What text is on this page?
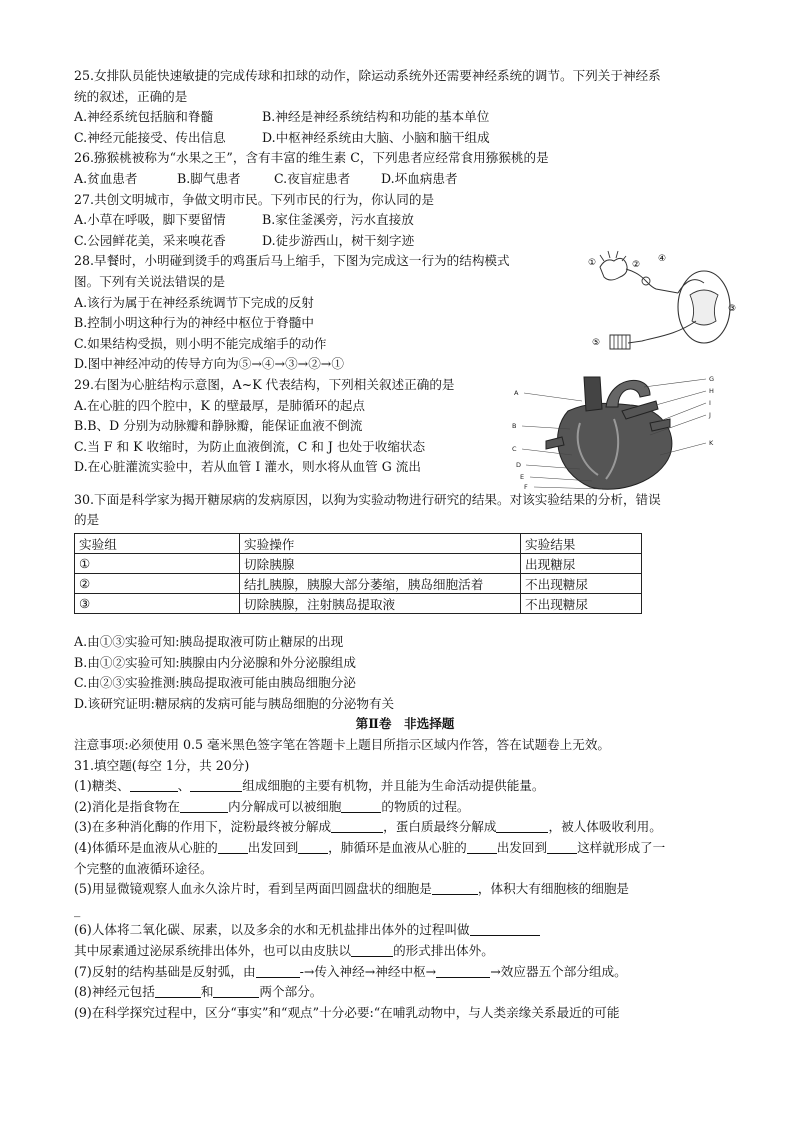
25.女排队员能快速敏捷的完成传球和扣球的动作，除运动系统外还需要神经系统的调节。下列关于神经系
统的叙述，正确的是
A.神经系统包括脑和脊髓	B.神经是神经系统结构和功能的基本单位
C.神经元能接受、传出信息	D.中枢神经系统由大脑、小脑和脑干组成
26.猕猴桃被称为“水果之王”，含有丰富的维生素 C，下列患者应经常食用猕猴桃的是
A.贫血患者	B.脚气患者	C.夜盲症患者 D.坏血病患者
27.共创文明城市，争做文明市民。下列市民的行为，你认同的是
A.小草在呼吸，脚下要留情	B.家住釜溪旁，污水直接放
C.公园鲜花美，采来嗅花香	D.徒步游西山，树干刻字迹
28.早餐时，小明碰到烫手的鸡蛋后马上缩手，下图为完成这一行为的结构模式
图。下列有关说法错误的是
A.该行为属于在神经系统调节下完成的反射
B.控制小明这种行为的神经中枢位于脊髓中
C.如果结构受损，则小明不能完成缩手的动作
D.图中神经冲动的传导方向为⑤→④→③→②→①
①	②
③
④
⑤
29.右图为心脏结构示意图，A~K 代表结构，下列相关叙述正确的是
A.在心脏的四个腔中，K 的壁最厚，是肺循环的起点
B.B、D 分别为动脉瓣和静脉瓣，能保证血液不倒流
C.当 F 和 K 收缩时，为防止血液倒流，C 和 J 也处于收缩状态
D.在心脏灌流实验中，若从血管 I 灌水，则水将从血管 G 流出
A
B
C
D
E
F
G
H
I
J
K
30.下面是科学家为揭开糖尿病的发病原因，以狗为实验动物进行研究的结果。对该实验结果的分析，错误
的是
实验组	实验操作	实验结果
①	切除胰腺	出现糖尿
②	结扎胰腺，胰腺大部分萎缩，胰岛细胞活着	不出现糖尿
③	切除胰腺，注射胰岛提取液	不出现糖尿
A.由①③实验可知:胰岛提取液可防止糖尿的出现
B.由①②实验可知:胰腺由内分泌腺和外分泌腺组成
C.由②③实验推测:胰岛提取液可能由胰岛细胞分泌
D.该研究证明:糖尿病的发病可能与胰岛细胞的分泌物有关
第Ⅱ卷　非选择题
注意事项:必须使用 0.5 毫米黑色签字笔在答题卡上题目所指示区域内作答，答在试题卷上无效。
31.填空题(每空 1分，共 20分)
(1)糖类、	、	组成细胞的主要有机物，并且能为生命活动提供能量。
(2)消化是指食物在	内分解成可以被细胞	的物质的过程。
(3)在多种消化酶的作用下，淀粉最终被分解成	，蛋白质最终分解成	，被人体吸收利用。
(4)体循环是血液从心脏的 出发回到 ，肺循环是血液从心脏的 出发回到 这样就形成了一
个完整的血液循环途径。
(5)用显微镜观察人血永久涂片时，看到呈两面凹圆盘状的细胞是	，体积大有细胞核的细胞是
_
(6)人体将二氧化碳、尿素，以及多余的水和无机盐排出体外的过程叫做
其中尿素通过泌尿系统排出体外，也可以由皮肤以	的形式排出体外。
(7)反射的结构基础是反射弧，由	-→传入神经→神经中枢→	→效应器五个部分组成。
(8)神经元包括	和	两个部分。
(9)在科学探究过程中，区分“事实”和“观点”十分必要:“在哺乳动物中，与人类亲缘关系最近的可能
